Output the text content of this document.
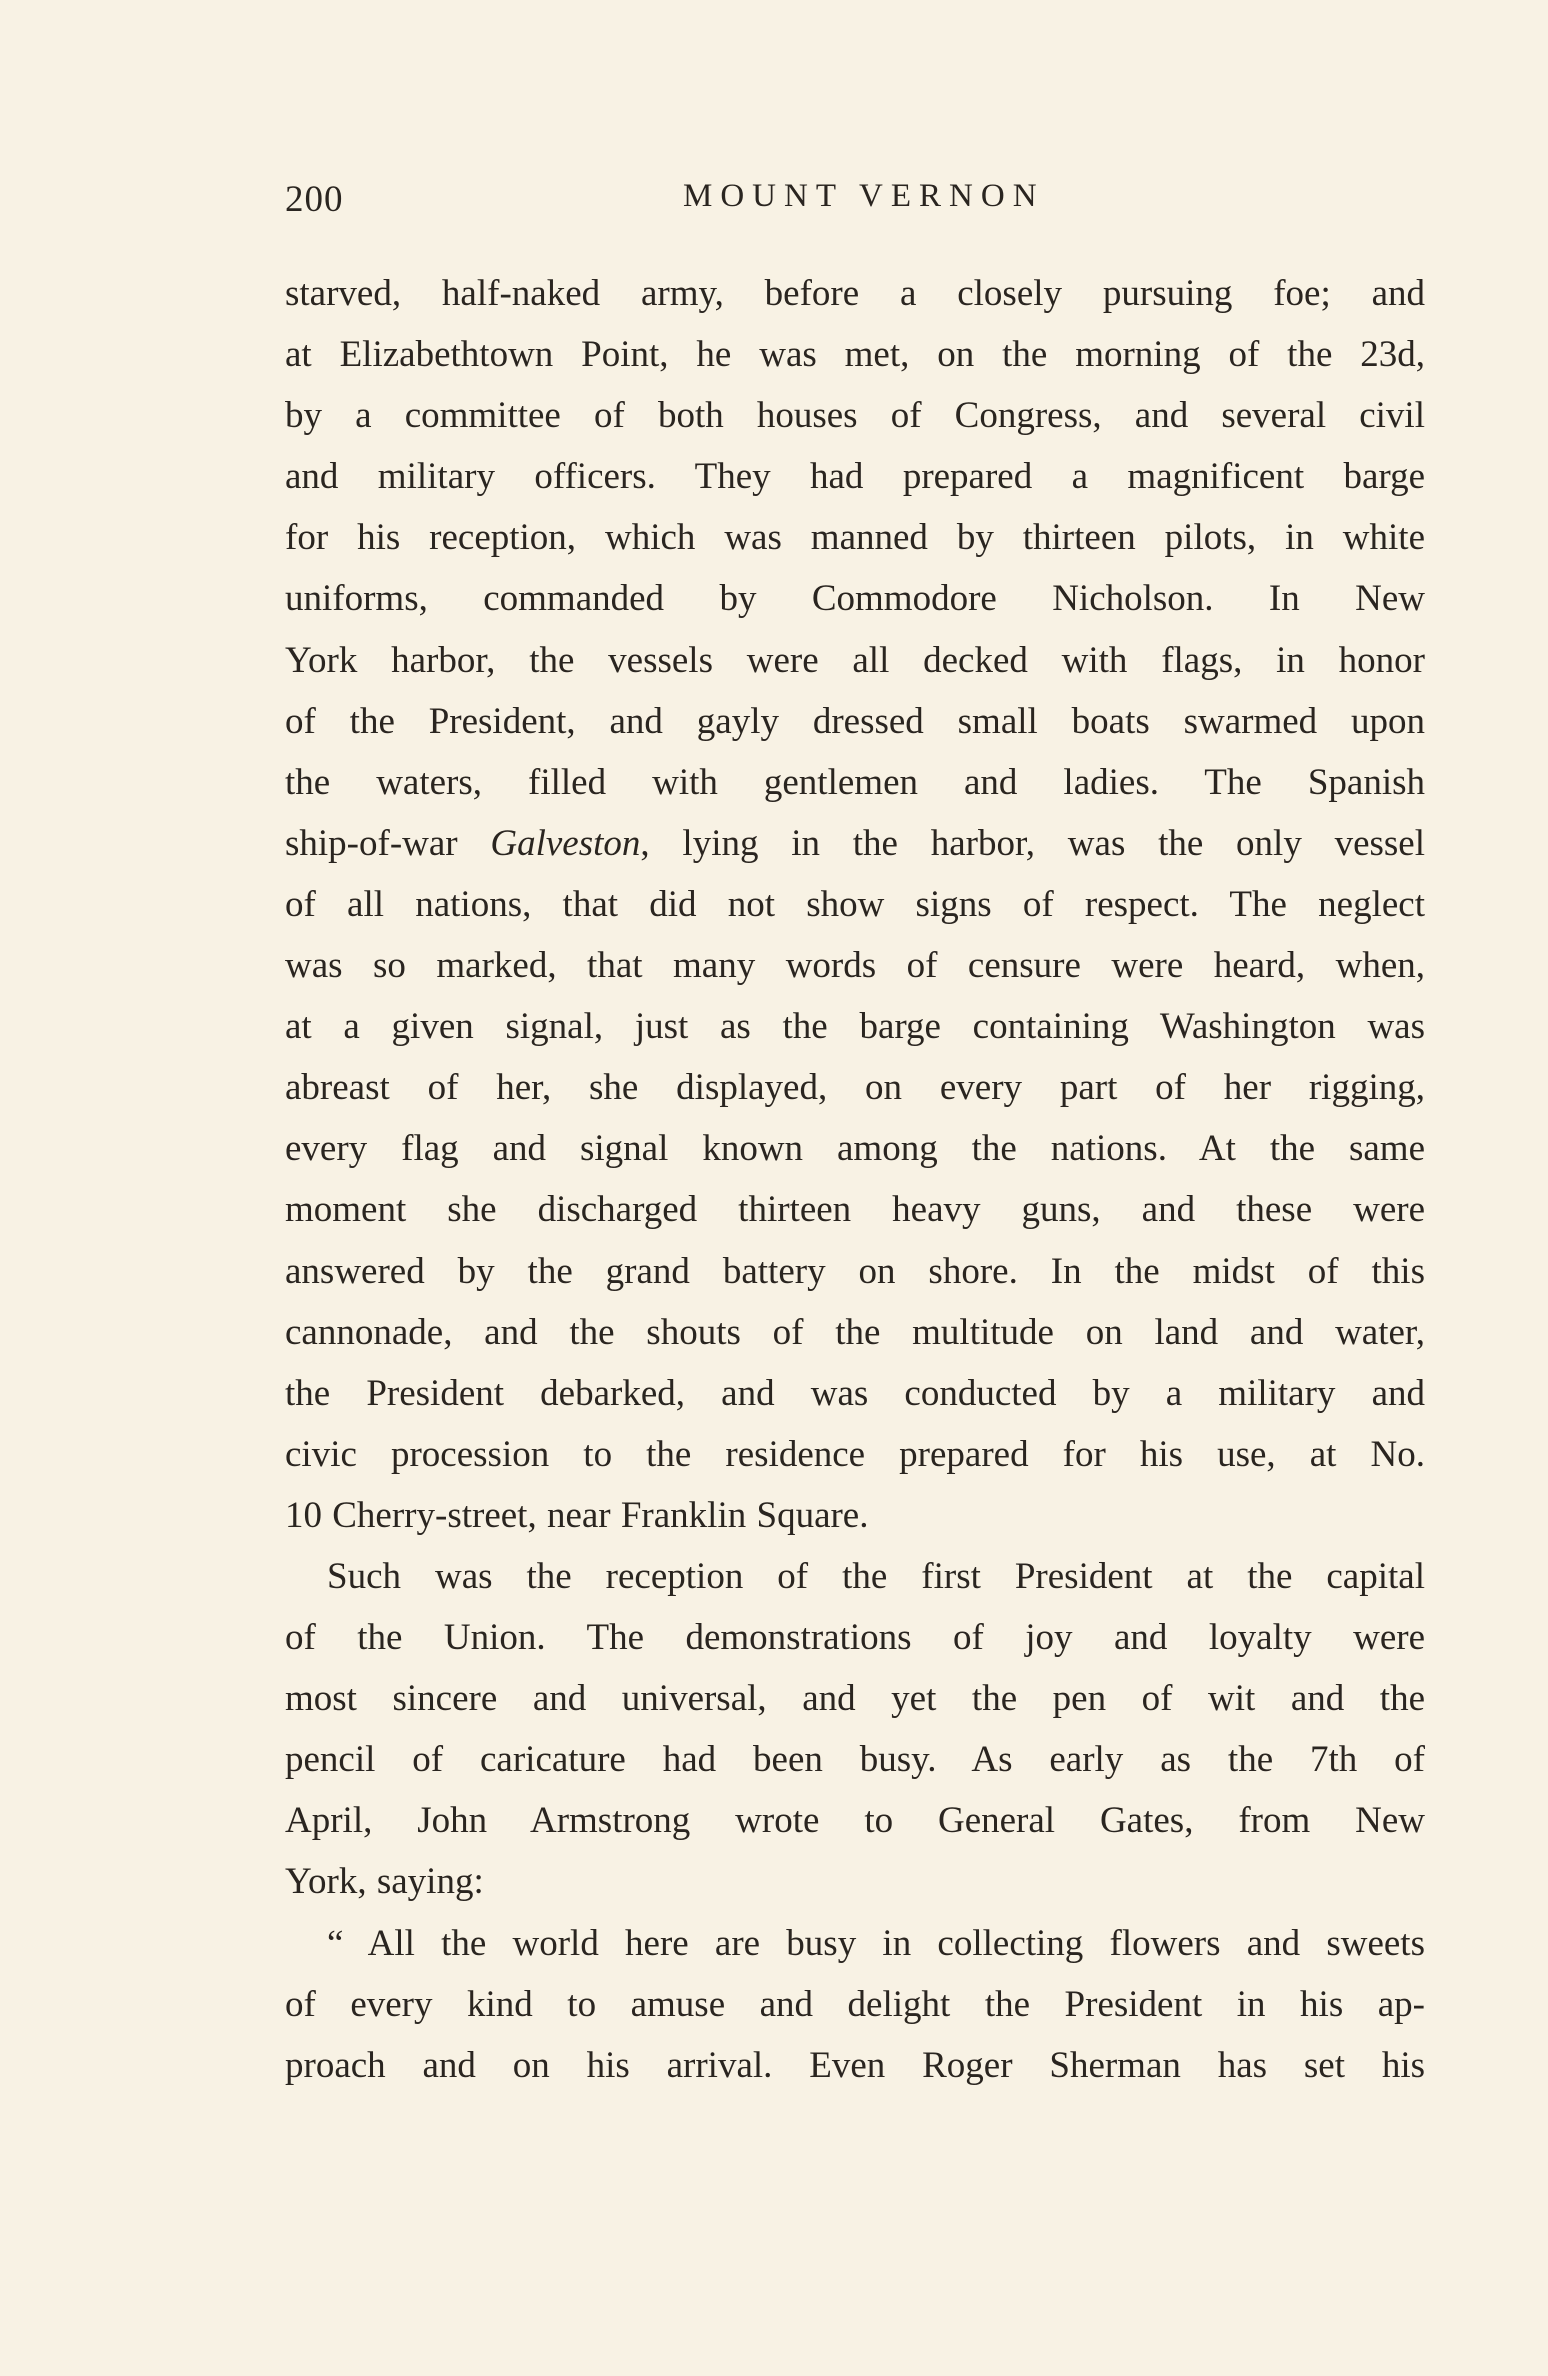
200	MOUNT VERNON
starved, half-naked army, before a closely pursuing foe; and
at Elizabethtown Point, he was met, on the morning of the 23d,
by a committee of both houses of Congress, and several civil
and military officers. They had prepared a magnificent barge
for his reception, which was manned by thirteen pilots, in white
uniforms, commanded by Commodore Nicholson. In New
York harbor, the vessels were all decked with flags, in honor
of the President, and gayly dressed small boats swarmed upon
the waters, filled with gentlemen and ladies. The Spanish
ship-of-war Galveston, lying in the harbor, was the only vessel
of all nations, that did not show signs of respect. The neglect
was so marked, that many words of censure were heard, when,
at a given signal, just as the barge containing Washington was
abreast of her, she displayed, on every part of her rigging,
every flag and signal known among the nations. At the same
moment she discharged thirteen heavy guns, and these were
answered by the grand battery on shore. In the midst of this
cannonade, and the shouts of the multitude on land and water,
the President debarked, and was conducted by a military and
civic procession to the residence prepared for his use, at No.
10 Cherry-street, near Franklin Square.
Such was the reception of the first President at the capital
of the Union. The demonstrations of joy and loyalty were
most sincere and universal, and yet the pen of wit and the
pencil of caricature had been busy. As early as the 7th of
April, John Armstrong wrote to General Gates, from New
York, saying:
“ All the world here are busy in collecting flowers and sweets
of every kind to amuse and delight the President in his ap-
proach and on his arrival. Even Roger Sherman has set his
